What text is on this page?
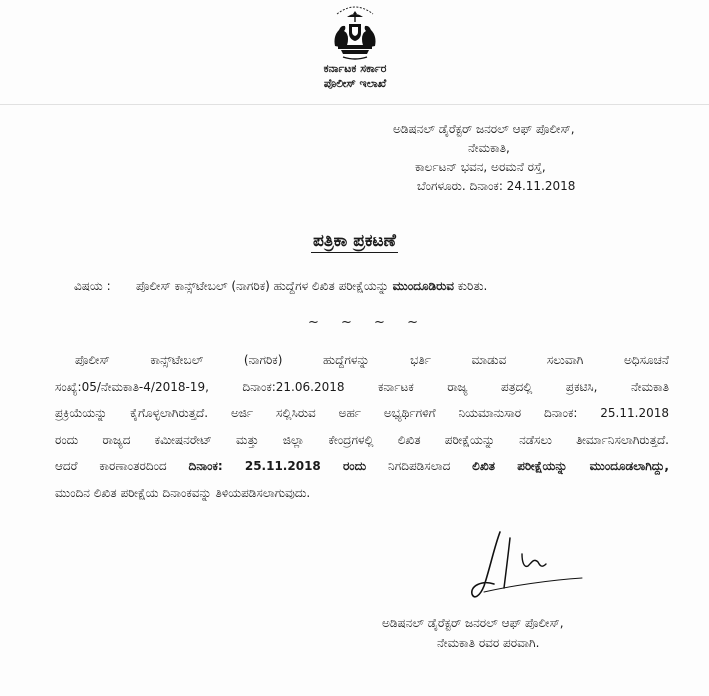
ಕರ್ನಾಟಕ ಸರ್ಕಾರ
ಪೊಲೀಸ್ ಇಲಾಖೆ
ಅಡಿಷನಲ್ ಡೈರೆಕ್ಟರ್ ಜನರಲ್ ಆಫ್ ಪೊಲೀಸ್,
ನೇಮಕಾತಿ,
ಕಾರ್ಲಟನ್ ಭವನ, ಅರಮನೆ ರಸ್ತೆ,
ಬೆಂಗಳೂರು. ದಿನಾಂಕ: 24.11.2018
ಪತ್ರಿಕಾ ಪ್ರಕಟಣೆ
ವಿಷಯ : ಪೊಲೀಸ್ ಕಾನ್ಸ್‌ಟೇಬಲ್ (ನಾಗರಿಕ) ಹುದ್ದೆಗಳ ಲಿಖಿತ ಪರೀಕ್ಷೆಯನ್ನು ಮುಂದೂಡಿರುವ ಕುರಿತು.
~ ~ ~ ~
ಪೊಲೀಸ್ ಕಾನ್ಸ್‌ಟೇಬಲ್ (ನಾಗರಿಕ) ಹುದ್ದೆಗಳನ್ನು ಭರ್ತಿ ಮಾಡುವ ಸಲುವಾಗಿ ಅಧಿಸೂಚನೆ
ಸಂಖ್ಯೆ:05/ನೇಮಕಾತಿ-4/2018-19, ದಿನಾಂಕ:21.06.2018 ಕರ್ನಾಟಕ ರಾಜ್ಯ ಪತ್ರದಲ್ಲಿ ಪ್ರಕಟಿಸಿ, ನೇಮಕಾತಿ
ಪ್ರಕ್ರಿಯೆಯನ್ನು ಕೈಗೊಳ್ಳಲಾಗಿರುತ್ತದೆ. ಅರ್ಜಿ ಸಲ್ಲಿಸಿರುವ ಅರ್ಹ ಅಭ್ಯರ್ಥಿಗಳಿಗೆ ನಿಯಮಾನುಸಾರ ದಿನಾಂಕ: 25.11.2018
ರಂದು ರಾಜ್ಯದ ಕಮೀಷನರೇಟ್ ಮತ್ತು ಜಿಲ್ಲಾ ಕೇಂದ್ರಗಳಲ್ಲಿ ಲಿಖಿತ ಪರೀಕ್ಷೆಯನ್ನು ನಡೆಸಲು ತೀರ್ಮಾನಿಸಲಾಗಿರುತ್ತದೆ.
ಆದರೆ ಕಾರಣಾಂತರದಿಂದ ದಿನಾಂಕ: 25.11.2018 ರಂದು ನಿಗದಿಪಡಿಸಲಾದ ಲಿಖಿತ ಪರೀಕ್ಷೆಯನ್ನು ಮುಂದೂಡಲಾಗಿದ್ದು,
ಮುಂದಿನ ಲಿಖಿತ ಪರೀಕ್ಷೆಯ ದಿನಾಂಕವನ್ನು ತಿಳಿಯಪಡಿಸಲಾಗುವುದು.
ಅಡಿಷನಲ್ ಡೈರೆಕ್ಟರ್ ಜನರಲ್ ಆಫ್ ಪೊಲೀಸ್,
ನೇಮಕಾತಿ ರವರ ಪರವಾಗಿ.
